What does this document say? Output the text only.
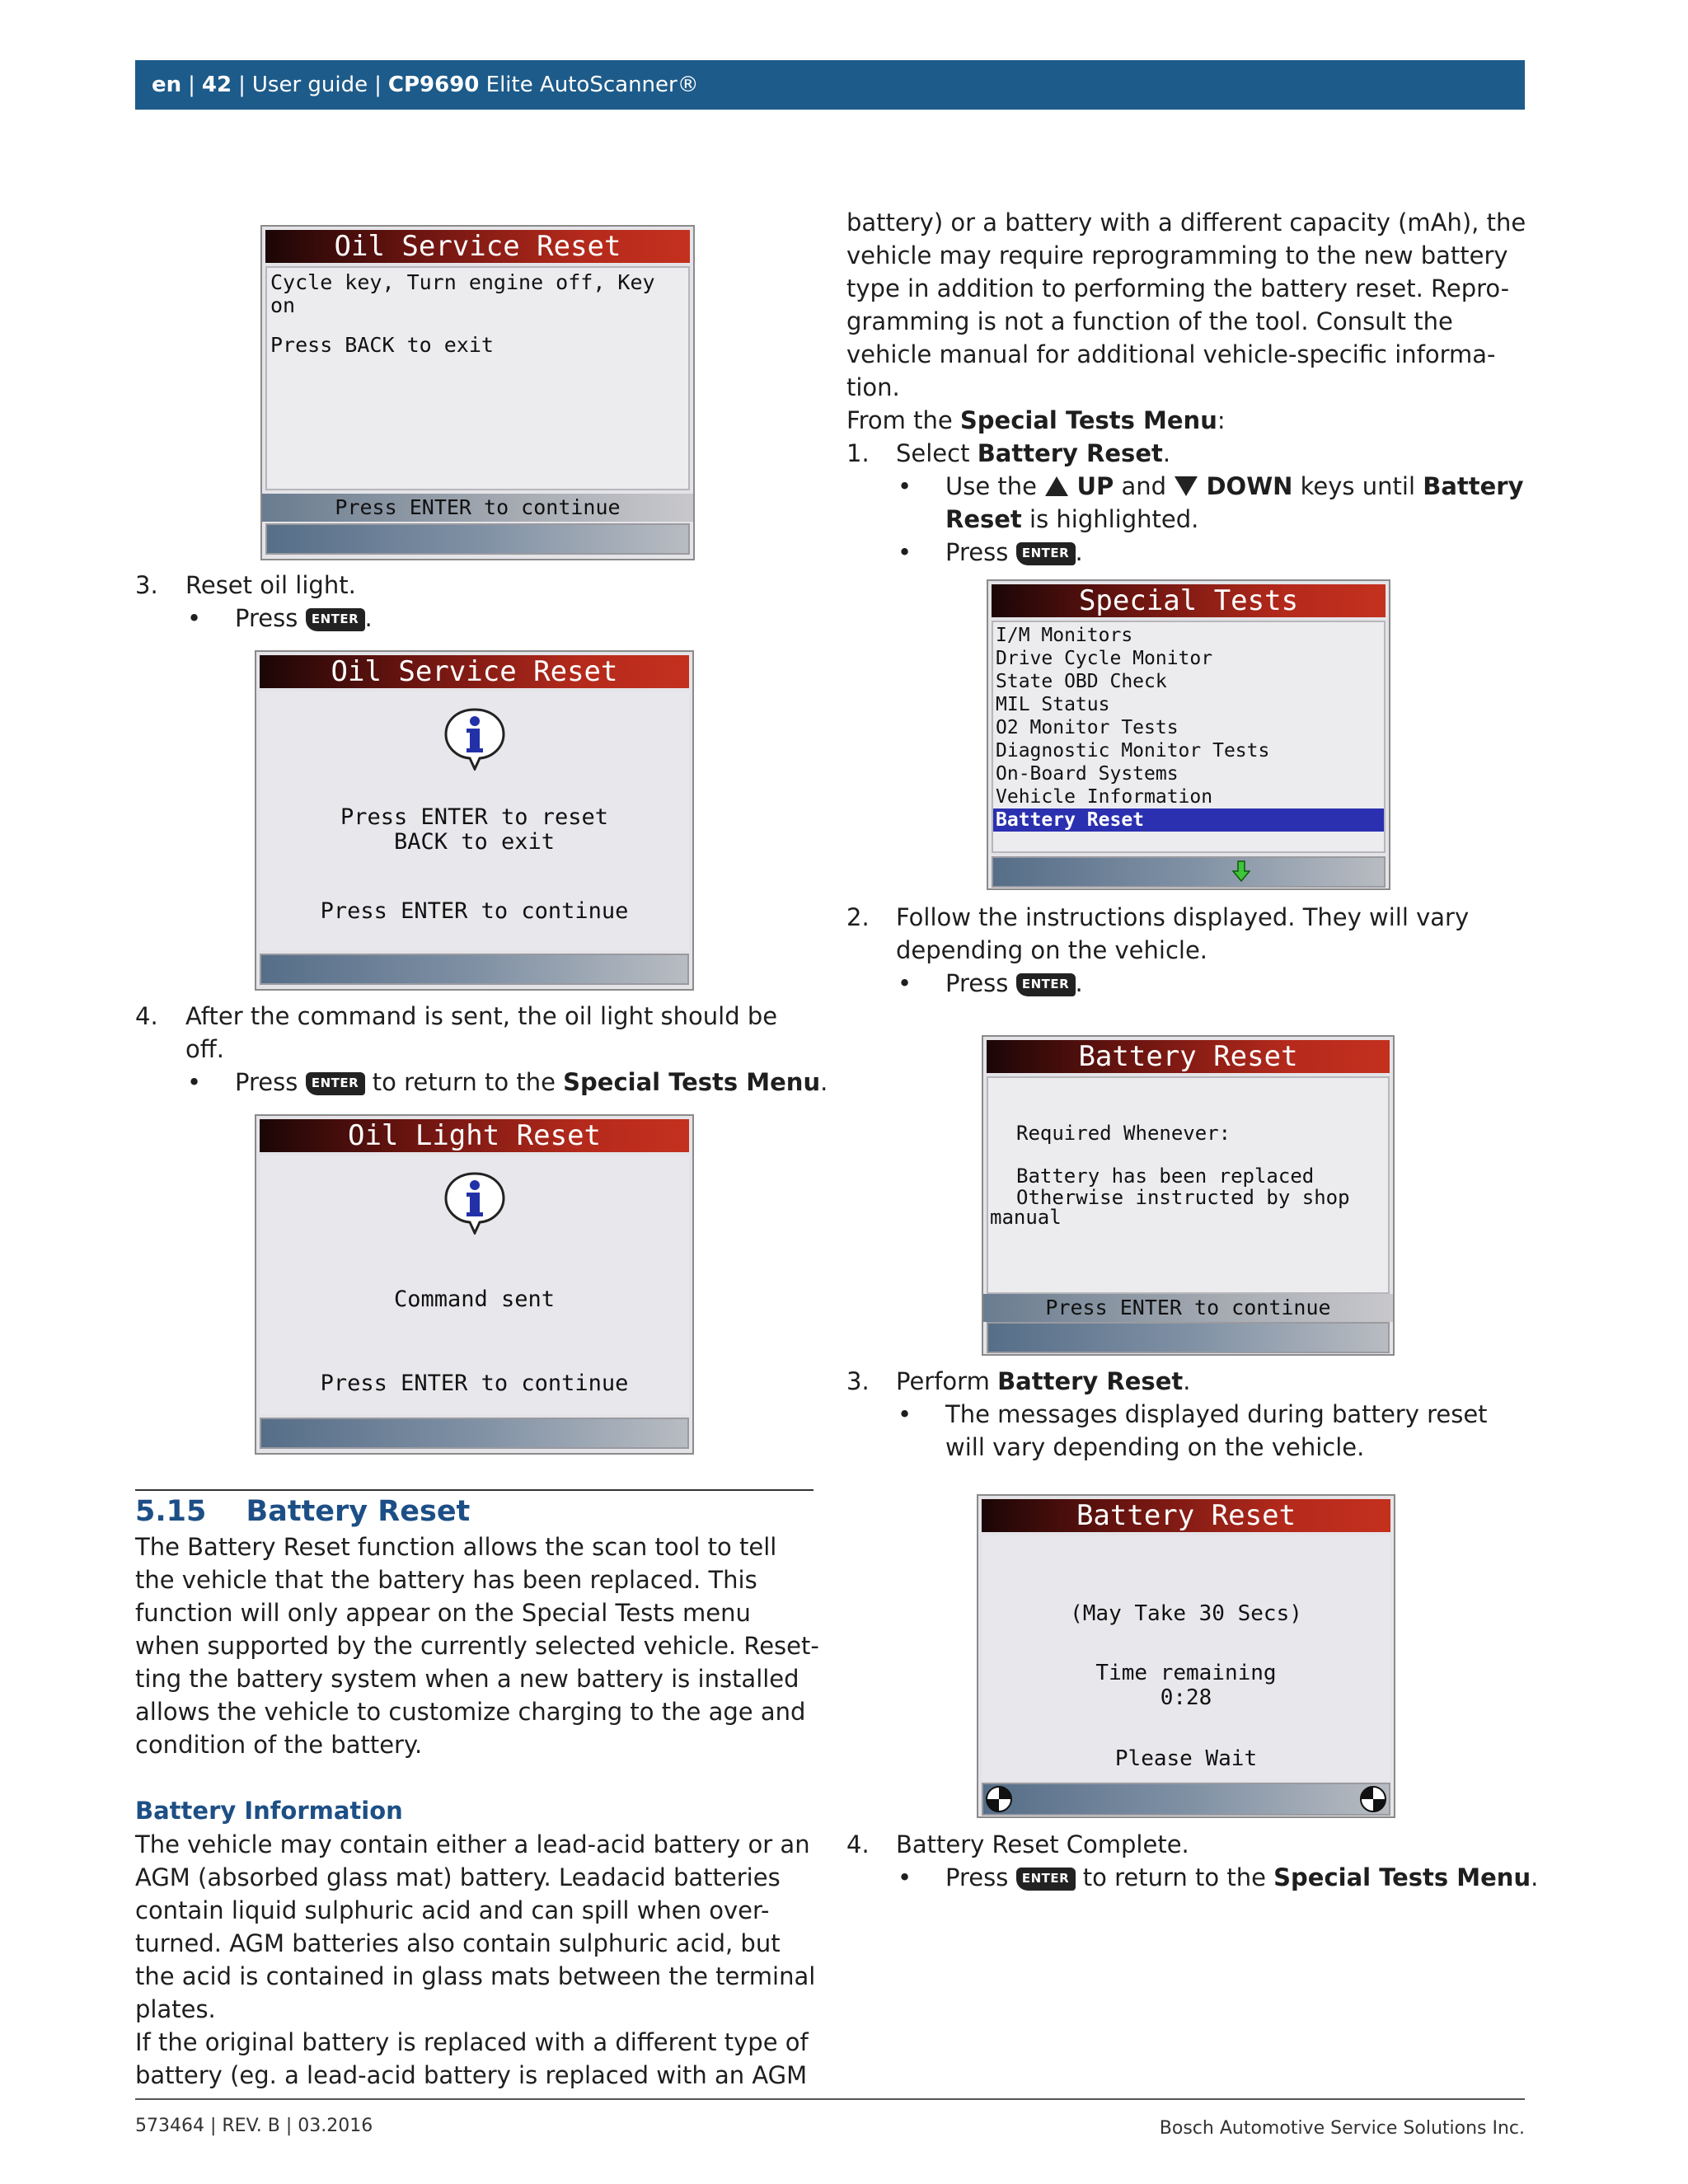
en | 42 | User guide | CP9690 Elite AutoScanner®
Oil Service Reset
Cycle key, Turn engine off, Key
on
Press BACK to exit
Press ENTER to continue
3. Reset oil light.
• Press ENTER .
Oil Service Reset
Press ENTER to reset
BACK to exit
Press ENTER to continue
4. After the command is sent, the oil light should be
off.
• Press ENTER to return to the Special Tests Menu.
Oil Light Reset
Command sent
Press ENTER to continue
5.15 Battery Reset
The Battery Reset function allows the scan tool to tell
the vehicle that the battery has been replaced. This
function will only appear on the Special Tests menu
when supported by the currently selected vehicle. Reset-
ting the battery system when a new battery is installed
allows the vehicle to customize charging to the age and
condition of the battery.
Battery Information
The vehicle may contain either a lead-acid battery or an
AGM (absorbed glass mat) battery. Leadacid batteries
contain liquid sulphuric acid and can spill when over-
turned. AGM batteries also contain sulphuric acid, but
the acid is contained in glass mats between the terminal
plates.
If the original battery is replaced with a different type of
battery (eg. a lead-acid battery is replaced with an AGM
battery) or a battery with a different capacity (mAh), the
vehicle may require reprogramming to the new battery
type in addition to performing the battery reset. Repro-
gramming is not a function of the tool. Consult the
vehicle manual for additional vehicle-specific informa-
tion.
From the Special Tests Menu:
1. Select Battery Reset.
• Use the UP and DOWN keys until Battery
Reset is highlighted.
• Press ENTER .
Special Tests
I/M Monitors
Drive Cycle Monitor
State OBD Check
MIL Status
O2 Monitor Tests
Diagnostic Monitor Tests
On-Board Systems
Vehicle Information
Battery Reset
2. Follow the instructions displayed. They will vary
depending on the vehicle.
• Press ENTER .
Battery Reset
Required Whenever:
Battery has been replaced
Otherwise instructed by shop
manual
Press ENTER to continue
3. Perform Battery Reset.
• The messages displayed during battery reset
will vary depending on the vehicle.
Battery Reset
(May Take 30 Secs)
Time remaining
0:28
Please Wait
4. Battery Reset Complete.
• Press ENTER to return to the Special Tests Menu.
573464 | REV. B | 03.2016	Bosch Automotive Service Solutions Inc.
